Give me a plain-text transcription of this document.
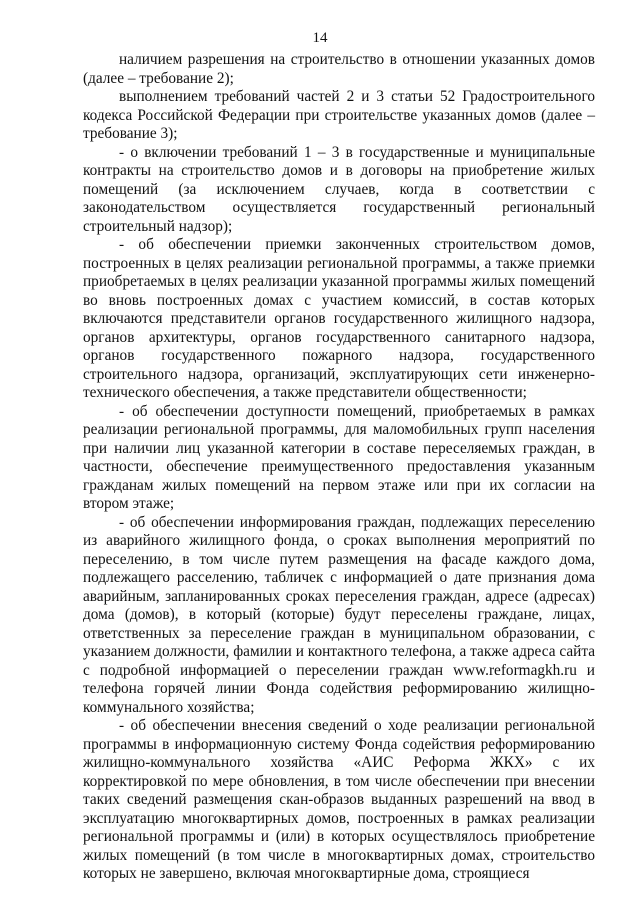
14

наличием разрешения на строительство в отношении указанных домов (далее – требование 2);

выполнением требований частей 2 и 3 статьи 52 Градостроительного кодекса Российской Федерации при строительстве указанных домов (далее – требование 3);

- о включении требований 1 – 3 в государственные и муниципальные контракты на строительство домов и в договоры на приобретение жилых помещений (за исключением случаев, когда в соответствии с законодательством осуществляется государственный региональный строительный надзор);

- об обеспечении приемки законченных строительством домов, построенных в целях реализации региональной программы, а также приемки приобретаемых в целях реализации указанной программы жилых помещений во вновь построенных домах с участием комиссий, в состав которых включаются представители органов государственного жилищного надзора, органов архитектуры, органов государственного санитарного надзора, органов государственного пожарного надзора, государственного строительного надзора, организаций, эксплуатирующих сети инженерно-технического обеспечения, а также представители общественности;

- об обеспечении доступности помещений, приобретаемых в рамках реализации региональной программы, для маломобильных групп населения при наличии лиц указанной категории в составе переселяемых граждан, в частности, обеспечение преимущественного предоставления указанным гражданам жилых помещений на первом этаже или при их согласии на втором этаже;

- об обеспечении информирования граждан, подлежащих переселению из аварийного жилищного фонда, о сроках выполнения мероприятий по переселению, в том числе путем размещения на фасаде каждого дома, подлежащего расселению, табличек с информацией о дате признания дома аварийным, запланированных сроках переселения граждан, адресе (адресах) дома (домов), в который (которые) будут переселены граждане, лицах, ответственных за переселение граждан в муниципальном образовании, с указанием должности, фамилии и контактного телефона, а также адреса сайта с подробной информацией о переселении граждан www.reformagkh.ru и телефона горячей линии Фонда содействия реформированию жилищно-коммунального хозяйства;

- об обеспечении внесения сведений о ходе реализации региональной программы в информационную систему Фонда содействия реформированию жилищно-коммунального хозяйства «АИС Реформа ЖКХ» с их корректировкой по мере обновления, в том числе обеспечении при внесении таких сведений размещения скан-образов выданных разрешений на ввод в эксплуатацию многоквартирных домов, построенных в рамках реализации региональной программы и (или) в которых осуществлялось приобретение жилых помещений (в том числе в многоквартирных домах, строительство которых не завершено, включая многоквартирные дома, строящиеся
